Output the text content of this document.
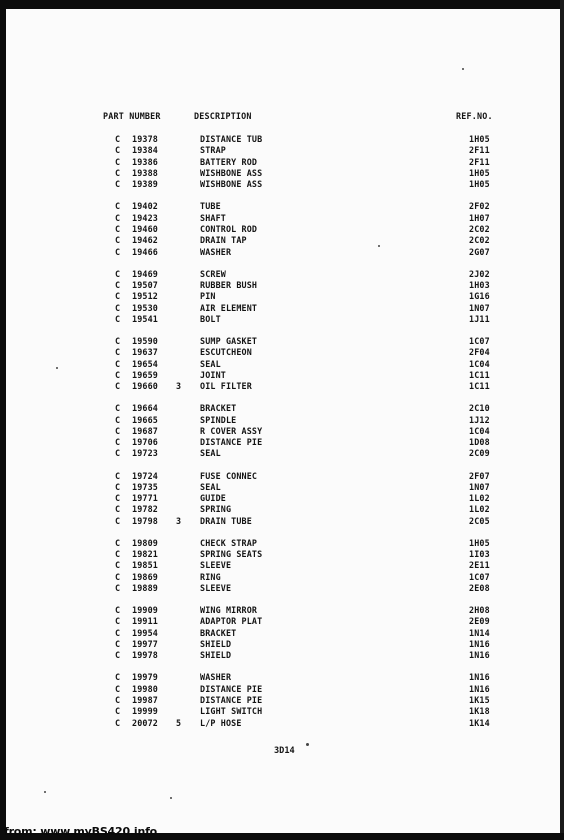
PART NUMBER	DESCRIPTION	REF.NO.
C 19378	DISTANCE TUB	1H05
C 19384	STRAP	2F11
C 19386	BATTERY ROD	2F11
C 19388	WISHBONE ASS	1H05
C 19389	WISHBONE ASS	1H05
C 19402	TUBE	2F02
C 19423	SHAFT	1H07
C 19460	CONTROL ROD	2C02
C 19462	DRAIN TAP	2C02
C 19466	WASHER	2G07
C 19469	SCREW	2J02
C 19507	RUBBER BUSH	1H03
C 19512	PIN	1G16
C 19530	AIR ELEMENT	1N07
C 19541	BOLT	1J11
C 19590	SUMP GASKET	1C07
C 19637	ESCUTCHEON	2F04
C 19654	SEAL	1C04
C 19659	JOINT	1C11
C 19660 3 OIL FILTER	1C11
C 19664	BRACKET	2C10
C 19665	SPINDLE	1J12
C 19687	R COVER ASSY	1C04
C 19706	DISTANCE PIE	1D08
C 19723	SEAL	2C09
C 19724	FUSE CONNEC	2F07
C 19735	SEAL	1N07
C 19771	GUIDE	1L02
C 19782	SPRING	1L02
C 19798 3 DRAIN TUBE	2C05
C 19809	CHECK STRAP	1H05
C 19821	SPRING SEATS	1I03
C 19851	SLEEVE	2E11
C 19869	RING	1C07
C 19889	SLEEVE	2E08
C 19909	WING MIRROR	2H08
C 19911	ADAPTOR PLAT	2E09
C 19954	BRACKET	1N14
C 19977	SHIELD	1N16
C 19978	SHIELD	1N16
C 19979	WASHER	1N16
C 19980	DISTANCE PIE	1N16
C 19987	DISTANCE PIE	1K15
C 19999	LIGHT SWITCH	1K18
C 20072 5 L/P HOSE	1K14
3D14
from: www.myBS420.info
